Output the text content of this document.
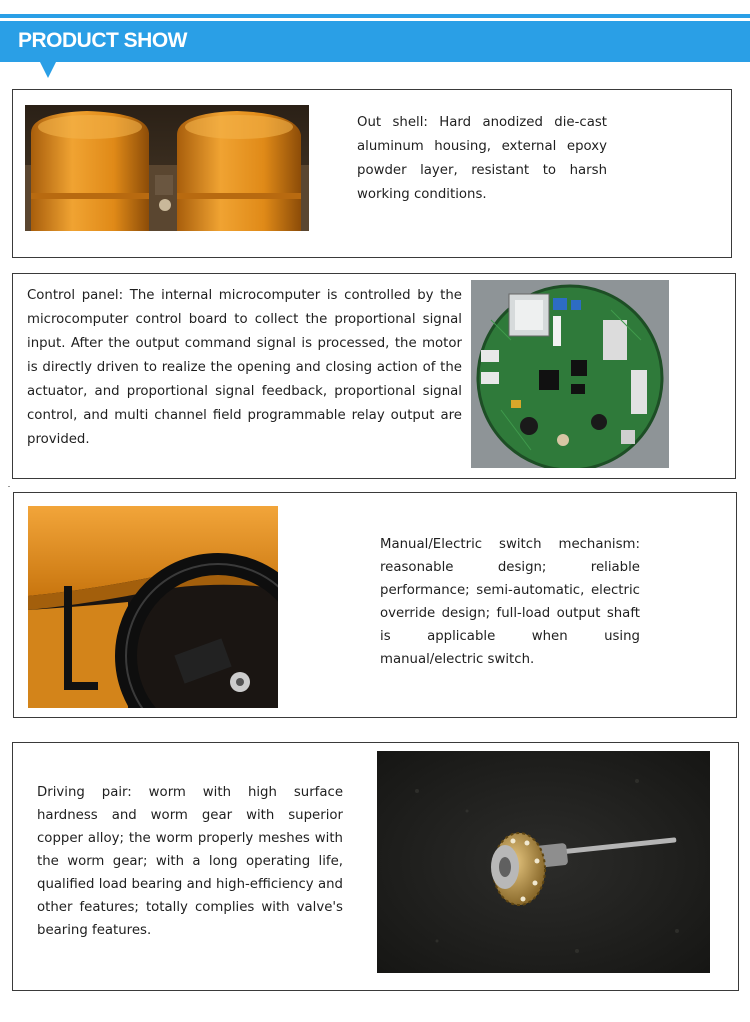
PRODUCT SHOW
Out shell: Hard anodized die-cast aluminum housing, external epoxy powder layer, resistant to harsh working conditions.
Control panel: The internal microcomputer is controlled by the microcomputer control board to collect the proportional signal input. After the output command signal is processed, the motor is directly driven to realize the opening and closing action of the actuator, and proportional signal feedback, proportional signal control, and multi channel field programmable relay output are provided.
Manual/Electric switch mechanism: reasonable design; reliable performance; semi-automatic, electric override design; full-load output shaft is applicable when using manual/electric switch.
Driving pair: worm with high surface hardness and worm gear with superior copper alloy; the worm properly meshes with the worm gear; with a long operating life, qualified load bearing and high-efficiency and other features; totally complies with valve's bearing features.
